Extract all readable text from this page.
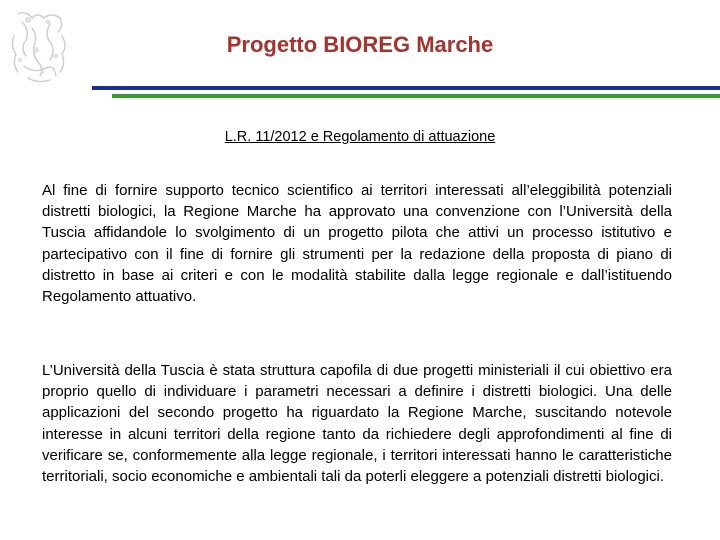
Progetto BIOREG Marche
L.R. 11/2012 e Regolamento di attuazione

Al fine di fornire supporto tecnico scientifico ai territori interessati all’eleggibilità potenziali distretti biologici, la Regione Marche ha approvato una convenzione con l’Università della Tuscia affidandole lo svolgimento di un progetto pilota che attivi un processo istitutivo e partecipativo con il fine di fornire gli strumenti per la redazione della proposta di piano di distretto in base ai criteri e con le modalità stabilite dalla legge regionale e dall’istituendo Regolamento attuativo.

L’Università della Tuscia è stata struttura capofila di due progetti ministeriali il cui obiettivo era proprio quello di individuare i parametri necessari a definire i distretti biologici. Una delle applicazioni del secondo progetto ha riguardato la Regione Marche, suscitando notevole interesse in alcuni territori della regione tanto da richiedere degli approfondimenti al fine di verificare se, conformemente alla legge regionale, i territori interessati hanno le caratteristiche territoriali, socio economiche e ambientali tali da poterli eleggere a potenziali distretti biologici.
